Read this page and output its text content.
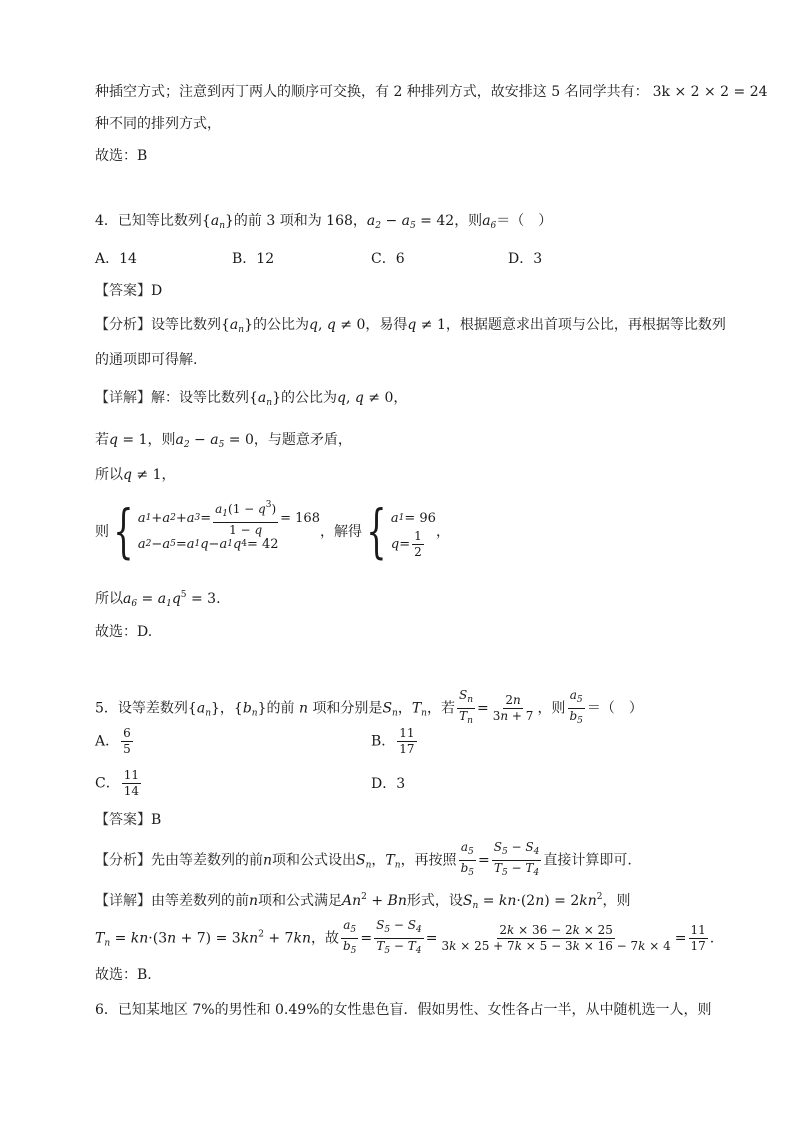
种插空方式；注意到丙丁两人的顺序可交换，有 2 种排列方式，故安排这 5 名同学共有： 3k × 2 × 2 = 24
种不同的排列方式，
故选：B
4．已知等比数列$\{a_n\}$的前 3 项和为 168，$a_2 - a_5 = 42$，则$a_6=$（　）
A．14	B．12	C．6	D．3
【答案】D
【分析】设等比数列$\{a_n\}$的公比为q, q ≠ 0，易得q ≠ 1，根据题意求出首项与公比，再根据等比数列
的通项即可得解.
【详解】解：设等比数列$\{a_n\}$的公比为q, q ≠ 0，
若q = 1，则$a_2 - a_5 = 0$，与题意矛盾，
所以q ≠ 1，
则{ a 1 + a 2 + a $3 = \frac{a_1(1 - q^3)}{1 - q} = 168$
a 2 − a 5 = a 1 q − a 1 q 4 = 42
，解得{ a 1 = 96
$q = \frac{1}{2}$ ，
所以$a_6 = a_1q^5 = 3$.
故选：D.
5．设等差数列$\{a_n\}$，$\{b_n\}$的前 n 项和分别是$S_n$，$T_n$，若 $\frac{S_n}{T_n} = \frac{2n}{3n + 7}$ ，则 $\frac{a_5}{b_5}$ ＝（　）
A． $\frac{6}{5}$	B． $\frac{11}{17}$
C． $\frac{11}{14}$	D．3
【答案】B
【分析】先由等差数列的前n项和公式设出$S_n$，$T_n$，再按照 $\frac{a_5}{b_5} = \frac{S_5 - S_4}{T_5 - T_4}$ 直接计算即可.
【详解】由等差数列的前n项和公式满足$An^2 + Bn$形式，设$S_n = kn\cdot(2n) = 2kn^2$，则
$T_n = kn\cdot(3n + 7) = 3kn^2 + 7kn$，故 $\frac{a_5}{b_5} = \frac{S_5 - S_4}{T_5 - T_4} = \frac{2k \times 36 - 2k \times 25}{3k \times 25 + 7k \times 5 - 3k \times 16 - 7k \times 4} = \frac{11}{17}$ .
故选：B.
6．已知某地区 7%的男性和 0.49%的女性患色盲．假如男性、女性各占一半，从中随机选一人，则
